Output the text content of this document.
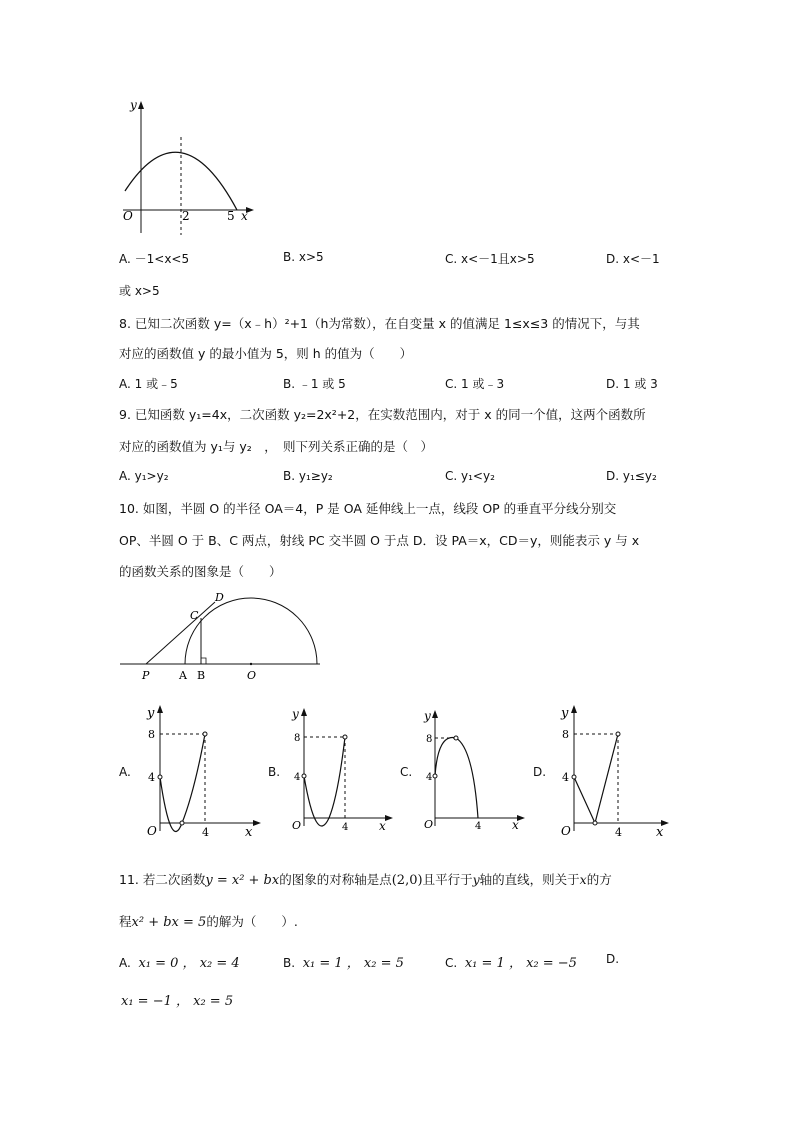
y
O	2	5 x
A. －1<x<5	B. x>5	C. x<－1且x>5	D. x<－1
或 x>5
8. 已知二次函数 y=（x﹣h）²+1（h为常数），在自变量 x 的值满足 1≤x≤3 的情况下，与其
对应的函数值 y 的最小值为 5，则 h 的值为（　　）
A. 1 或﹣5	B. ﹣1 或 5	C. 1 或﹣3	D. 1 或 3
9. 已知函数 y₁=4x，二次函数 y₂=2x²+2，在实数范围内，对于 x 的同一个值，这两个函数所
对应的函数值为 y₁与 y₂　，　则下列关系正确的是（　）
A. y₁>y₂	B. y₁≥y₂	C. y₁<y₂	D. y₁≤y₂
10. 如图，半圆 O 的半径 OA＝4，P 是 OA 延伸线上一点，线段 OP 的垂直平分线分别交
OP、半圆 O 于 B、C 两点，射线 PC 交半圆 O 于点 D．设 PA＝x，CD＝y，则能表示 y 与 x
的函数关系的图象是（　　）
D
C
P	A B	O
A.
y
8
4
O	4	x
B.
y
8
4
O	4	x
C.
y
8
4
O	4	x
D.
y
8
4
O	4	x
11. 若二次函数y = x² + bx的图象的对称轴是点(2,0)且平行于y轴的直线，则关于x的方
程x² + bx = 5的解为（　　）.
A. x₁ = 0 ， x₂ = 4	B. x₁ = 1 ， x₂ = 5	C. x₁ = 1 ， x₂ = −5 D.
x₁ = −1 ， x₂ = 5
